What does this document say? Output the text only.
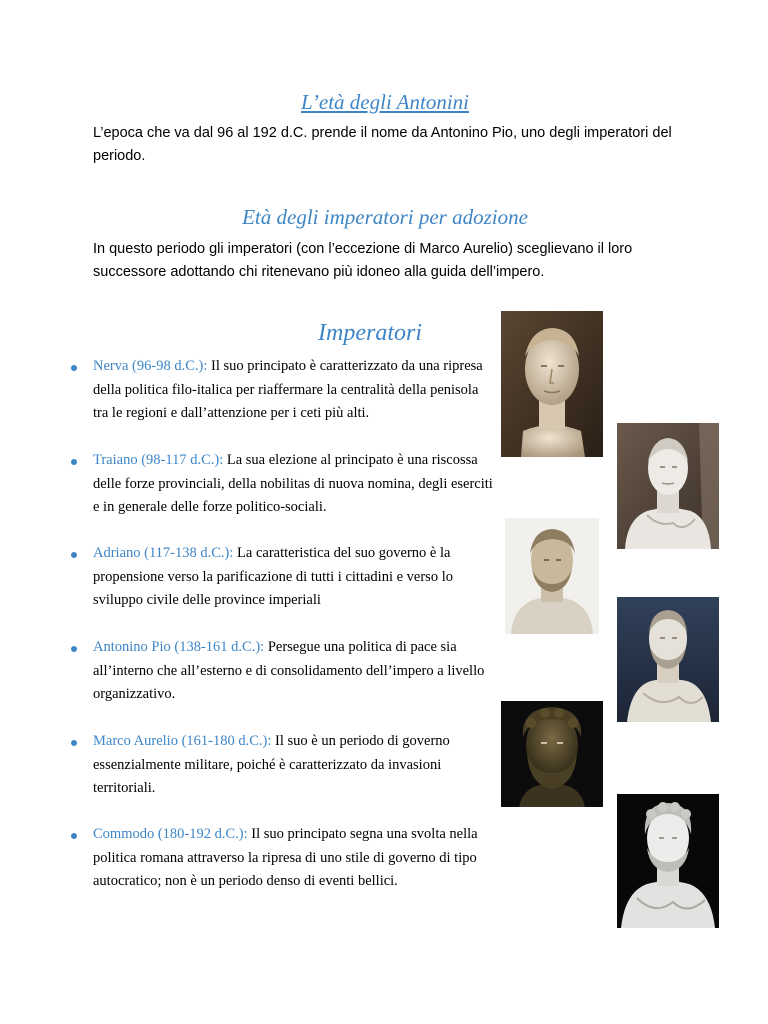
L’età degli Antonini

L’epoca che va dal 96 al 192 d.C. prende il nome da Antonino Pio, uno degli imperatori del periodo.

Età degli imperatori per adozione

In questo periodo gli imperatori (con l’eccezione di Marco Aurelio) sceglievano il loro successore adottando chi ritenevano più idoneo alla guida dell’impero.

Imperatori
Nerva (96-98 d.C.): Il suo principato è caratterizzato da una ripresa della politica filo-italica per riaffermare la centralità della penisola tra le regioni e dall’attenzione per i ceti più alti.
Traiano (98-117 d.C.): La sua elezione al principato è una riscossa delle forze provinciali, della nobilitas di nuova nomina, degli eserciti e in generale delle forze politico-sociali.
Adriano (117-138 d.C.): La caratteristica del suo governo è la propensione verso la parificazione di tutti i cittadini e verso lo sviluppo civile delle province imperiali
Antonino Pio (138-161 d.C.): Persegue una politica di pace sia all’interno che all’esterno e di consolidamento dell’impero a livello organizzativo.
Marco Aurelio (161-180 d.C.): Il suo è un periodo di governo essenzialmente militare, poiché è caratterizzato da invasioni territoriali.
Commodo (180-192 d.C.): Il suo principato segna una svolta nella politica romana attraverso la ripresa di uno stile di governo di tipo autocratico; non è un periodo denso di eventi bellici.
